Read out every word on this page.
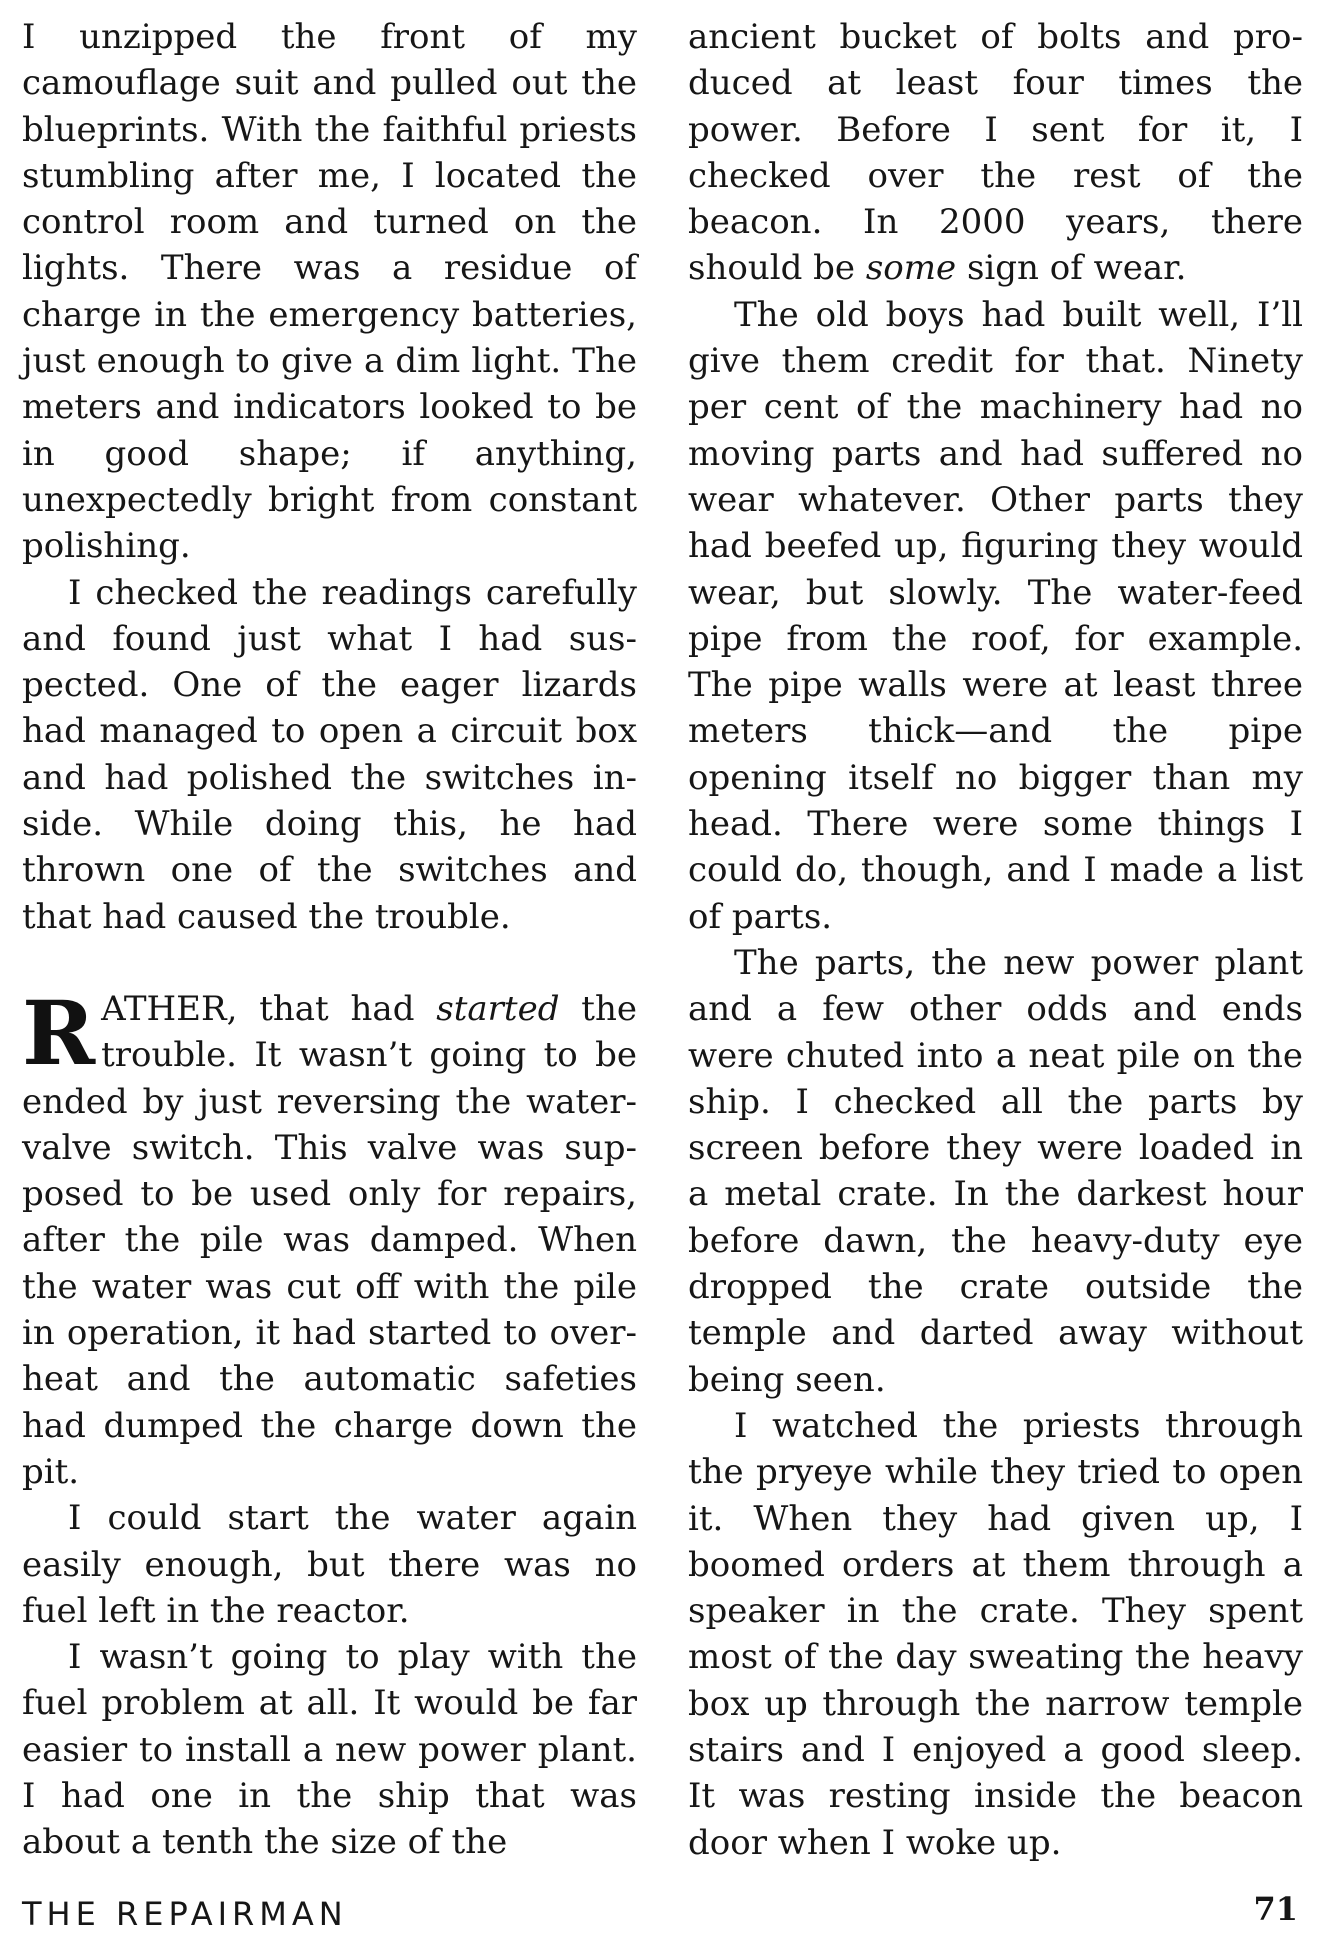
I unzipped the front of my camouflage suit and pulled out the blueprints. With the faithful priests stumbling after me, I located the control room and turned on the lights. There was a residue of charge in the emergency batteries, just enough to give a dim light. The meters and indicators looked to be in good shape; if anything, unexpectedly bright from constant polishing.

I checked the readings carefully and found just what I had suspected. One of the eager lizards had managed to open a circuit box and had polished the switches inside. While doing this, he had thrown one of the switches and that had caused the trouble.

RATHER, that had started the trouble. It wasn’t going to be ended by just reversing the water-valve switch. This valve was supposed to be used only for repairs, after the pile was damped. When the water was cut off with the pile in operation, it had started to overheat and the automatic safeties had dumped the charge down the pit.

I could start the water again easily enough, but there was no fuel left in the reactor.

I wasn’t going to play with the fuel problem at all. It would be far easier to install a new power plant. I had one in the ship that was about a tenth the size of the

ancient bucket of bolts and produced at least four times the power. Before I sent for it, I checked over the rest of the beacon. In 2000 years, there should be some sign of wear.

The old boys had built well, I’ll give them credit for that. Ninety per cent of the machinery had no moving parts and had suffered no wear whatever. Other parts they had beefed up, figuring they would wear, but slowly. The water-feed pipe from the roof, for example. The pipe walls were at least three meters thick—and the pipe opening itself no bigger than my head. There were some things I could do, though, and I made a list of parts.

The parts, the new power plant and a few other odds and ends were chuted into a neat pile on the ship. I checked all the parts by screen before they were loaded in a metal crate. In the darkest hour before dawn, the heavy-duty eye dropped the crate outside the temple and darted away without being seen.

I watched the priests through the pryeye while they tried to open it. When they had given up, I boomed orders at them through a speaker in the crate. They spent most of the day sweating the heavy box up through the narrow temple stairs and I enjoyed a good sleep. It was resting inside the beacon door when I woke up.

THE REPAIRMAN	71
